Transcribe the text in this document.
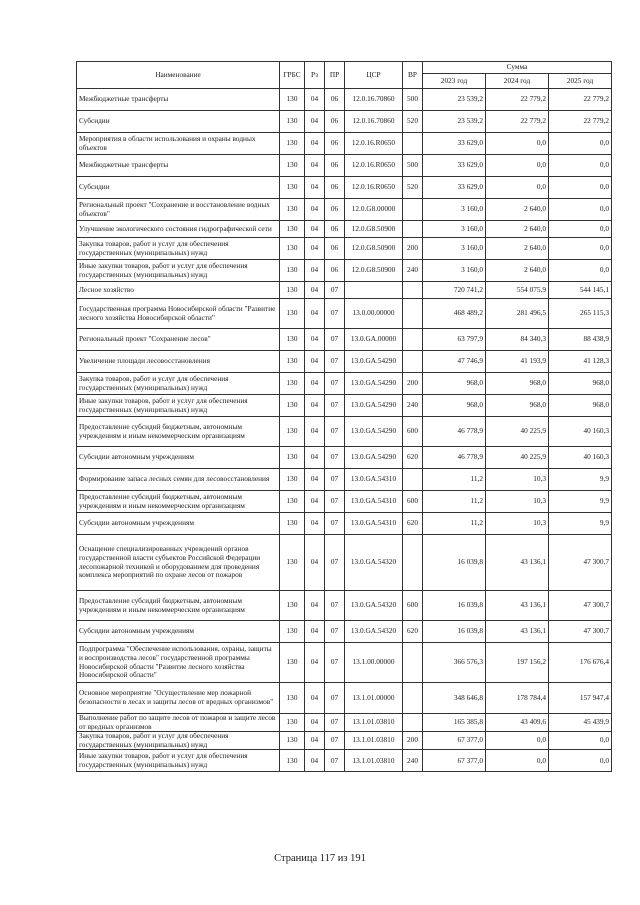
Наименование	ГРБС	Рз	ПР	ЦСР	ВР	Сумма		
						2023 год	2024 год	2025 год
Межбюджетные трансферты	130	04	06	12.0.16.70860	500	23 539,2	22 779,2	22 779,2
Субсидии	130	04	06	12.0.16.70860	520	23 539,2	22 779,2	22 779,2
Мероприятия в области использования и охраны водных объектов	130	04	06	12.0.16.R0650		33 629,0	0,0	0,0
Межбюджетные трансферты	130	04	06	12.0.16.R0650	500	33 629,0	0,0	0,0
Субсидии	130	04	06	12.0.16.R0650	520	33 629,0	0,0	0,0
Региональный проект "Сохранение и восстановление водных объектов"	130	04	06	12.0.G8.00000		3 160,0	2 640,0	0,0
Улучшение экологического состояния гидрографической сети	130	04	06	12.0.G8.50900		3 160,0	2 640,0	0,0
Закупка товаров, работ и услуг для обеспечения государственных (муниципальных) нужд	130	04	06	12.0.G8.50900	200	3 160,0	2 640,0	0,0
Иные закупки товаров, работ и услуг для обеспечения государственных (муниципальных) нужд	130	04	06	12.0.G8.50900	240	3 160,0	2 640,0	0,0
Лесное хозяйство	130	04	07			720 741,2	554 075,9	544 145,1
Государственная программа Новосибирской области "Развитие лесного хозяйства Новосибирской области"	130	04	07	13.0.00.00000		468 489,2	281 496,5	265 115,3
Региональный проект "Сохранение лесов"	130	04	07	13.0.GA.00000		63 797,9	84 340,3	88 438,9
Увеличение площади лесовосстановления	130	04	07	13.0.GA.54290		47 746,9	41 193,9	41 128,3
Закупка товаров, работ и услуг для обеспечения государственных (муниципальных) нужд	130	04	07	13.0.GA.54290	200	968,0	968,0	968,0
Иные закупки товаров, работ и услуг для обеспечения государственных (муниципальных) нужд	130	04	07	13.0.GA.54290	240	968,0	968,0	968,0
Предоставление субсидий бюджетным, автономным учреждениям и иным некоммерческим организациям	130	04	07	13.0.GA.54290	600	46 778,9	40 225,9	40 160,3
Субсидии автономным учреждениям	130	04	07	13.0.GA.54290	620	46 778,9	40 225,9	40 160,3
Формирование запаса лесных семян для лесовосстановления	130	04	07	13.0.GA.54310		11,2	10,3	9,9
Предоставление субсидий бюджетным, автономным учреждениям и иным некоммерческим организациям	130	04	07	13.0.GA.54310	600	11,2	10,3	9,9
Субсидии автономным учреждениям	130	04	07	13.0.GA.54310	620	11,2	10,3	9,9
Оснащение специализированных учреждений органов государственной власти субъектов Российской Федерации лесопожарной техникой и оборудованием для проведения комплекса мероприятий по охране лесов от пожаров	130	04	07	13.0.GA.54320		16 039,8	43 136,1	47 300,7
Предоставление субсидий бюджетным, автономным учреждениям и иным некоммерческим организациям	130	04	07	13.0.GA.54320	600	16 039,8	43 136,1	47 300,7
Субсидии автономным учреждениям	130	04	07	13.0.GA.54320	620	16 039,8	43 136,1	47 300,7
Подпрограмма "Обеспечение использования, охраны, защиты и воспроизводства лесов" государственной программы Новосибирской области "Развитие лесного хозяйства Новосибирской области"	130	04	07	13.1.00.00000		366 576,3	197 156,2	176 676,4
Основное мероприятие "Осуществление мер пожарной безопасности в лесах и защиты лесов от вредных организмов"	130	04	07	13.1.01.00000		348 646,8	178 784,4	157 947,4
Выполнение работ по защите лесов от пожаров и защите лесов от вредных организмов	130	04	07	13.1.01.03810		165 385,8	43 409,6	45 439,9
Закупка товаров, работ и услуг для обеспечения государственных (муниципальных) нужд	130	04	07	13.1.01.03810	200	67 377,0	0,0	0,0
Иные закупки товаров, работ и услуг для обеспечения государственных (муниципальных) нужд	130	04	07	13.1.01.03810	240	67 377,0	0,0	0,0
Страница 117 из 191
